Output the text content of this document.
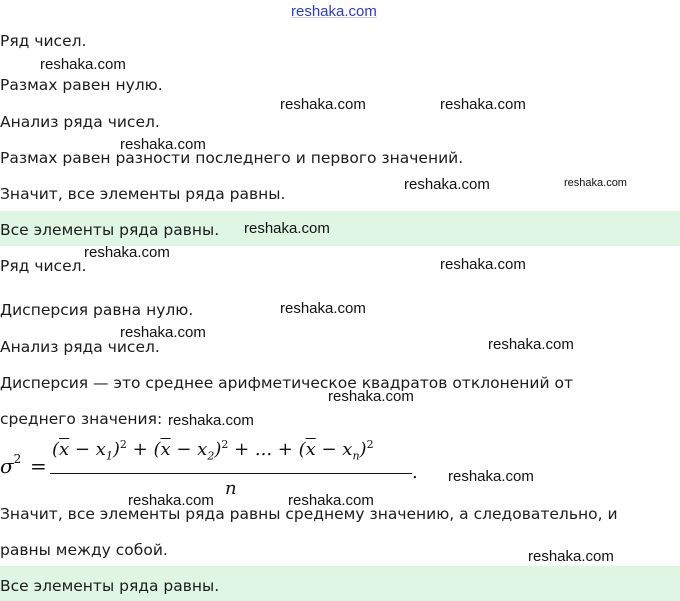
Ряд чисел.
Размах равен нулю.
Анализ ряда чисел.
Размах равен разности последнего и первого значений.
Значит, все элементы ряда равны.
Все элементы ряда равны.
Ряд чисел.
Дисперсия равна нулю.
Анализ ряда чисел.
Дисперсия — это среднее арифметическое квадратов отклонений от
среднего значения:
Значит, все элементы ряда равны среднему значению, а следовательно, и
равны между собой.
Все элементы ряда равны.
$\sigma^2$ =
$(\overline{x} - x_1)^2 + (\overline{x} - x_2)^2$ + ... + $(\overline{x} - x_n)^2$
n
.
reshaka.com
reshaka.com
reshaka.com	reshaka.com
reshaka.com
reshaka.com	reshaka.com
reshaka.com
reshaka.com
reshaka.com
reshaka.com
reshaka.com
reshaka.com
reshaka.com
reshaka.com
reshaka.com
reshaka.com	reshaka.com
reshaka.com
